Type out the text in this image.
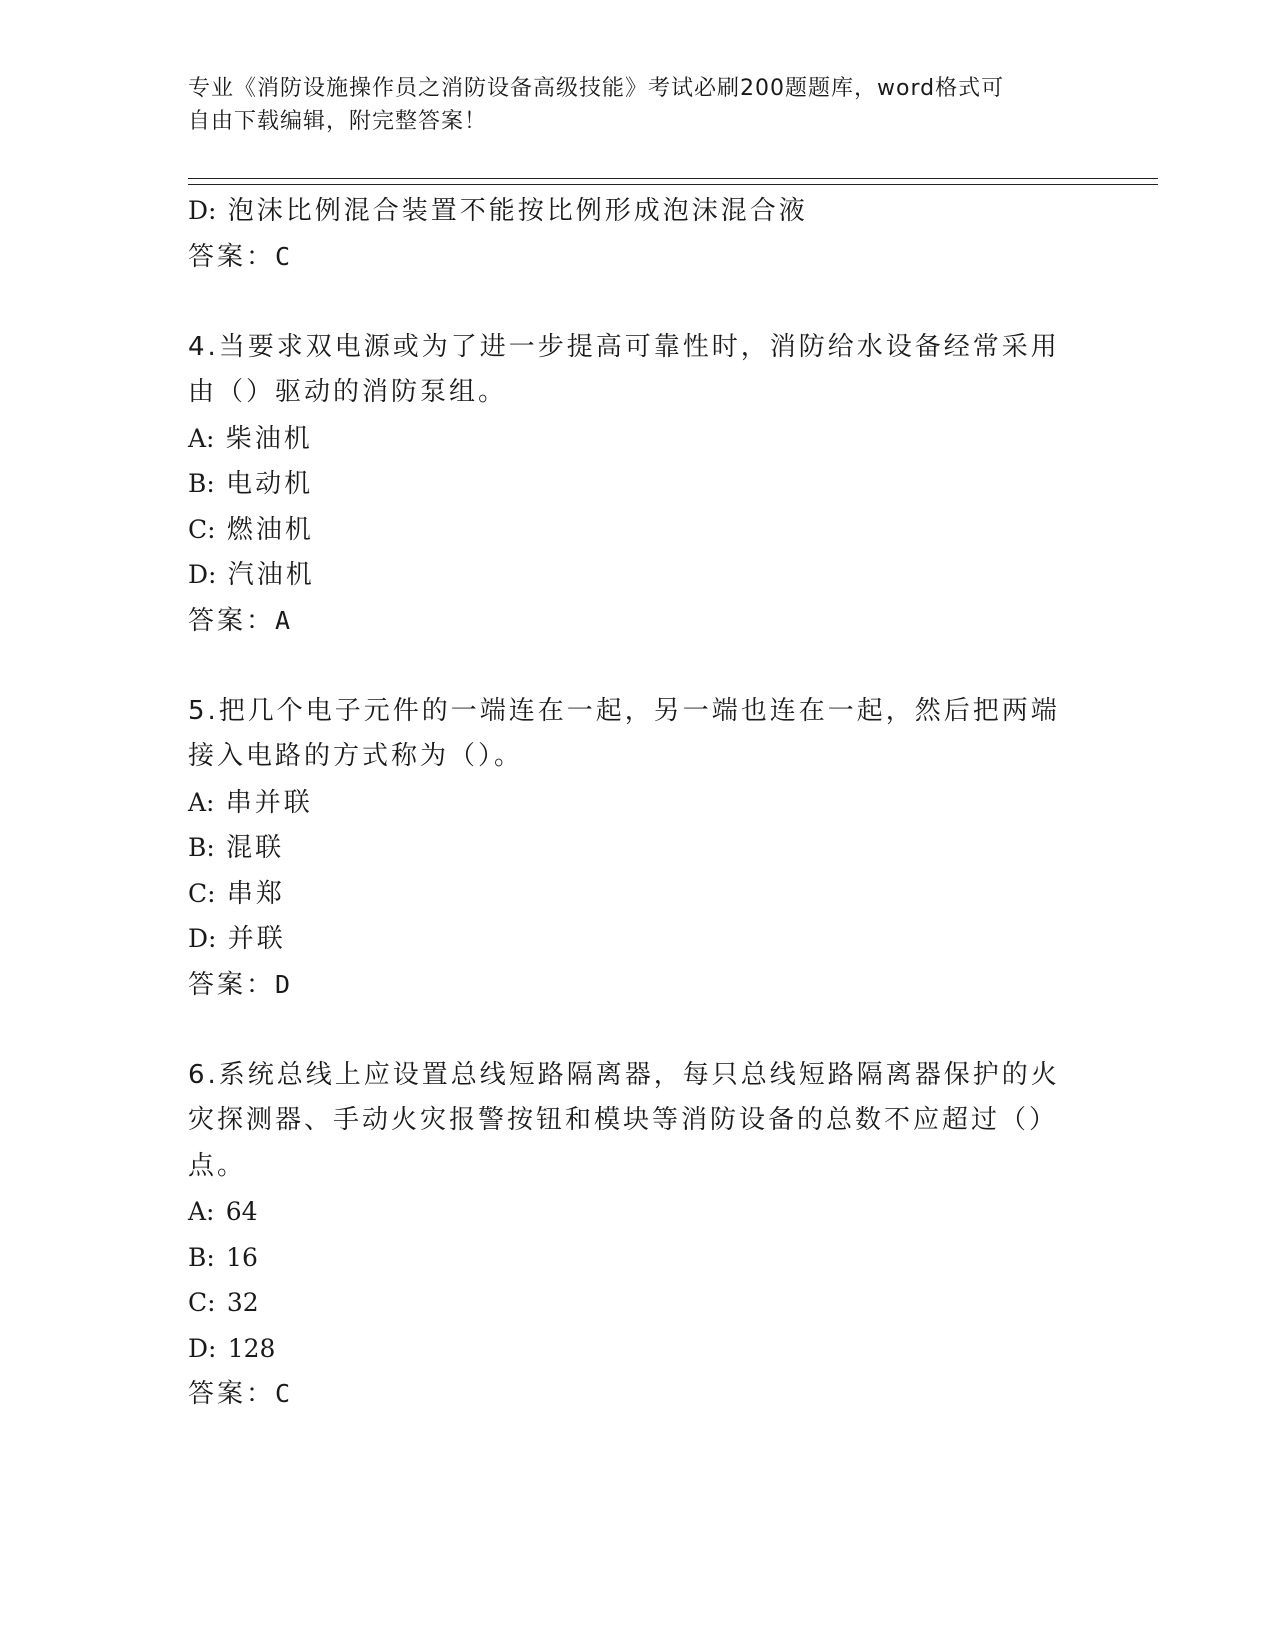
专业《消防设施操作员之消防设备高级技能》考试必刷200题题库，word格式可
自由下载编辑，附完整答案！
D: 泡沫比例混合装置不能按比例形成泡沫混合液
答案：C
4.当要求双电源或为了进一步提高可靠性时，消防给水设备经常采用
由（）驱动的消防泵组。
A: 柴油机
B: 电动机
C: 燃油机
D: 汽油机
答案：A
5.把几个电子元件的一端连在一起，另一端也连在一起，然后把两端
接入电路的方式称为（）。
A: 串并联
B: 混联
C: 串郑
D: 并联
答案：D
6.系统总线上应设置总线短路隔离器，每只总线短路隔离器保护的火
灾探测器、手动火灾报警按钮和模块等消防设备的总数不应超过（）
点。
A: 64
B: 16
C: 32
D: 128
答案：C
